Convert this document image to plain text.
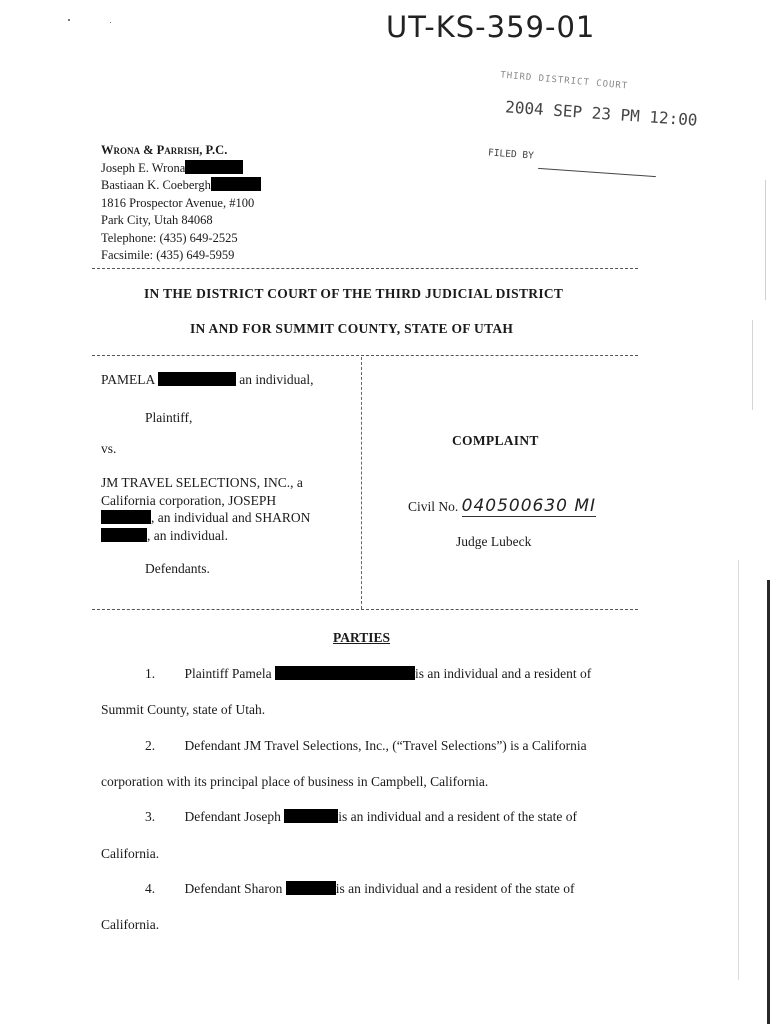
UT-KS-359-01
THIRD DISTRICT COURT
2004 SEP 23 PM 12:00
FILED BY
Wrona & Parrish, P.C.
Joseph E. Wrona
Bastiaan K. Coebergh
1816 Prospector Avenue, #100
Park City, Utah 84068
Telephone: (435) 649-2525
Facsimile: (435) 649-5959
IN THE DISTRICT COURT OF THE THIRD JUDICIAL DISTRICT
IN AND FOR SUMMIT COUNTY, STATE OF UTAH
PAMELA	an individual,
Plaintiff,
vs.
JM TRAVEL SELECTIONS, INC., a
California corporation, JOSEPH
, an individual and SHARON
, an individual.
Defendants.
COMPLAINT
Civil No. 040500630 MI
Judge Lubeck
PARTIES
1. Plaintiff Pamela	is an individual and a resident of
Summit County, state of Utah.
2. Defendant JM Travel Selections, Inc., (“Travel Selections”) is a California
corporation with its principal place of business in Campbell, California.
3. Defendant Joseph	is an individual and a resident of the state of
California.
4. Defendant Sharon	is an individual and a resident of the state of
California.
